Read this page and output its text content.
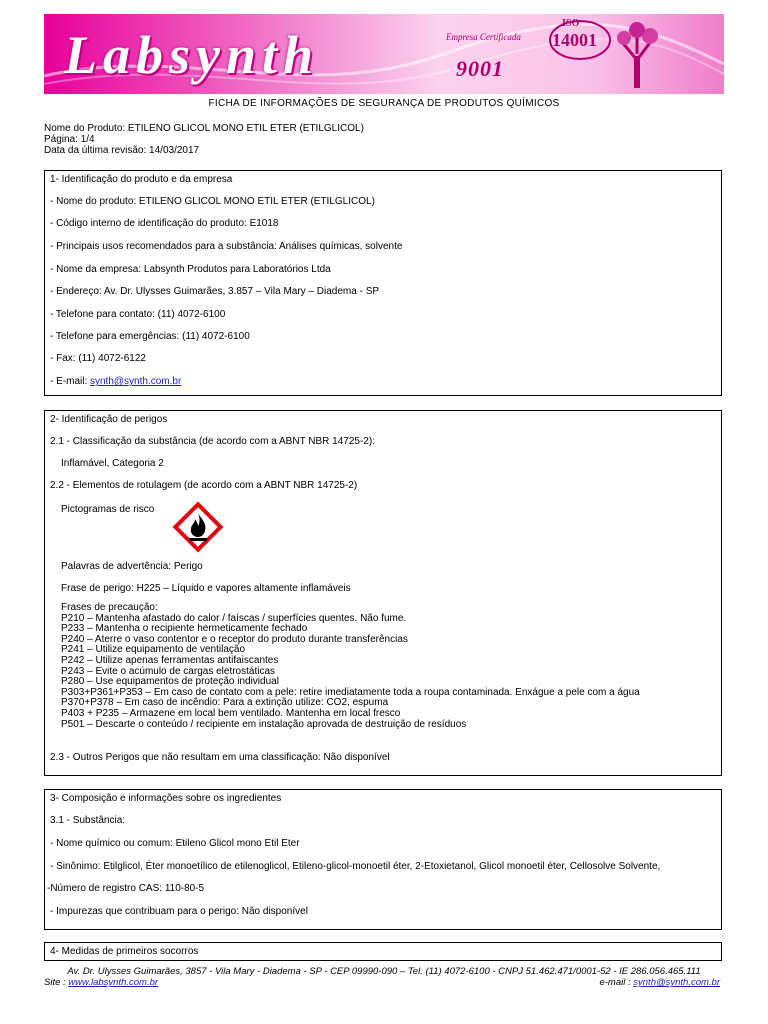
Labsynth	Empresa Certificada
9001
ISO
14001
FICHA DE INFORMAÇÕES DE SEGURANÇA DE PRODUTOS QUÍMICOS
Nome do Produto: ETILENO GLICOL MONO ETIL ETER (ETILGLICOL)
Página: 1/4
Data da última revisão: 14/03/2017
1- Identificação do produto e da empresa
- Nome do produto: ETILENO GLICOL MONO ETIL ETER (ETILGLICOL)
- Código interno de identificação do produto: E1018
- Principais usos recomendados para a substância: Análises químicas, solvente
- Nome da empresa: Labsynth Produtos para Laboratórios Ltda
- Endereço: Av. Dr. Ulysses Guimarães, 3.857 – Vila Mary – Diadema - SP
- Telefone para contato: (11) 4072-6100
- Telefone para emergências: (11) 4072-6100
- Fax: (11) 4072-6122
- E-mail: synth@synth.com.br
2- Identificação de perigos
2.1 - Classificação da substância (de acordo com a ABNT NBR 14725-2):
Inflamável, Categoria 2
2.2 - Elementos de rotulagem (de acordo com a ABNT NBR 14725-2)
Pictogramas de risco
Palavras de advertência: Perigo
Frase de perigo: H225 – Líquido e vapores altamente inflamáveis
Frases de precaução:
P210 – Mantenha afastado do calor / faíscas / superfícies quentes. Não fume.
P233 – Mantenha o recipiente hermeticamente fechado
P240 – Aterre o vaso contentor e o receptor do produto durante transferências
P241 – Utilize equipamento de ventilação
P242 – Utilize apenas ferramentas antifaiscantes
P243 – Evite o acúmulo de cargas eletrostáticas
P280 – Use equipamentos de proteção individual
P303+P361+P353 – Em caso de contato com a pele: retire imediatamente toda a roupa contaminada. Enxágue a pele com a água
P370+P378 – Em caso de incêndio: Para a extinção utilize: CO2, espuma
P403 + P235 – Armazene em local bem ventilado. Mantenha em local fresco
P501 – Descarte o conteúdo / recipiente em instalação aprovada de destruição de resíduos
2.3 - Outros Perigos que não resultam em uma classificação: Não disponível
3- Composição e informações sobre os ingredientes
3.1 - Substância:
- Nome químico ou comum: Etileno Glicol mono Etil Eter
- Sinônimo: Etilglicol, Éter monoetílico de etilenoglicol, Etileno-glicol-monoetil éter, 2-Etoxietanol, Glicol monoetil éter, Cellosolve Solvente,
-Número de registro CAS: 110-80-5
- Impurezas que contribuam para o perigo: Não disponível
4- Medidas de primeiros socorros
Av. Dr. Ulysses Guimarães, 3857 - Vila Mary - Diadema - SP - CEP 09990-090 – Tel. (11) 4072-6100 - CNPJ 51.462.471/0001-52 - IE 286.056.465.111
Site : www.labsynth.com.br	e-mail : synth@synth.com.br
